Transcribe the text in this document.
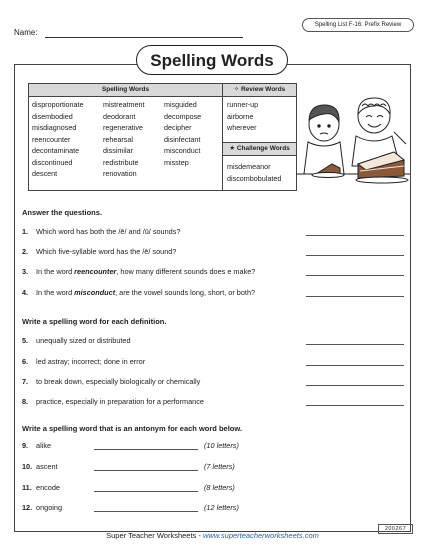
Name:
Spelling List F-16: Prefix Review
Spelling Words
Spelling Words	✧ Review Words
★ Challenge Words
disproportionate
disembodied
misdiagnosed
reencounter
decontaminate
discontinued
descent
mistreatment
deodorant
regenerative
rehearsal
dissimilar
redistribute
renovation
misguided
decompose
decipher
disinfectant
misconduct
misstep
runner-up
airborne
wherever
misdemeanor
discombobulated
Answer the questions.
1. Which word has both the /ē/ and /ū/ sounds?
2. Which five-syllable word has the /ē/ sound?
3. In the word reencounter, how many different sounds does e make?
4. In the word misconduct, are the vowel sounds long, short, or both?
Write a spelling word for each definition.
5. unequally sized or distributed
6. led astray; incorrect; done in error
7. to break down, especially biologically or chemically
8. practice, especially in preparation for a performance
Write a spelling word that is an antonym for each word below.
9. alike	(10 letters)
10. ascent	(7 letters)
11. encode	(8 letters)
12. ongoing	(12 letters)
200267
Super Teacher Worksheets - www.superteacherworksheets.com
